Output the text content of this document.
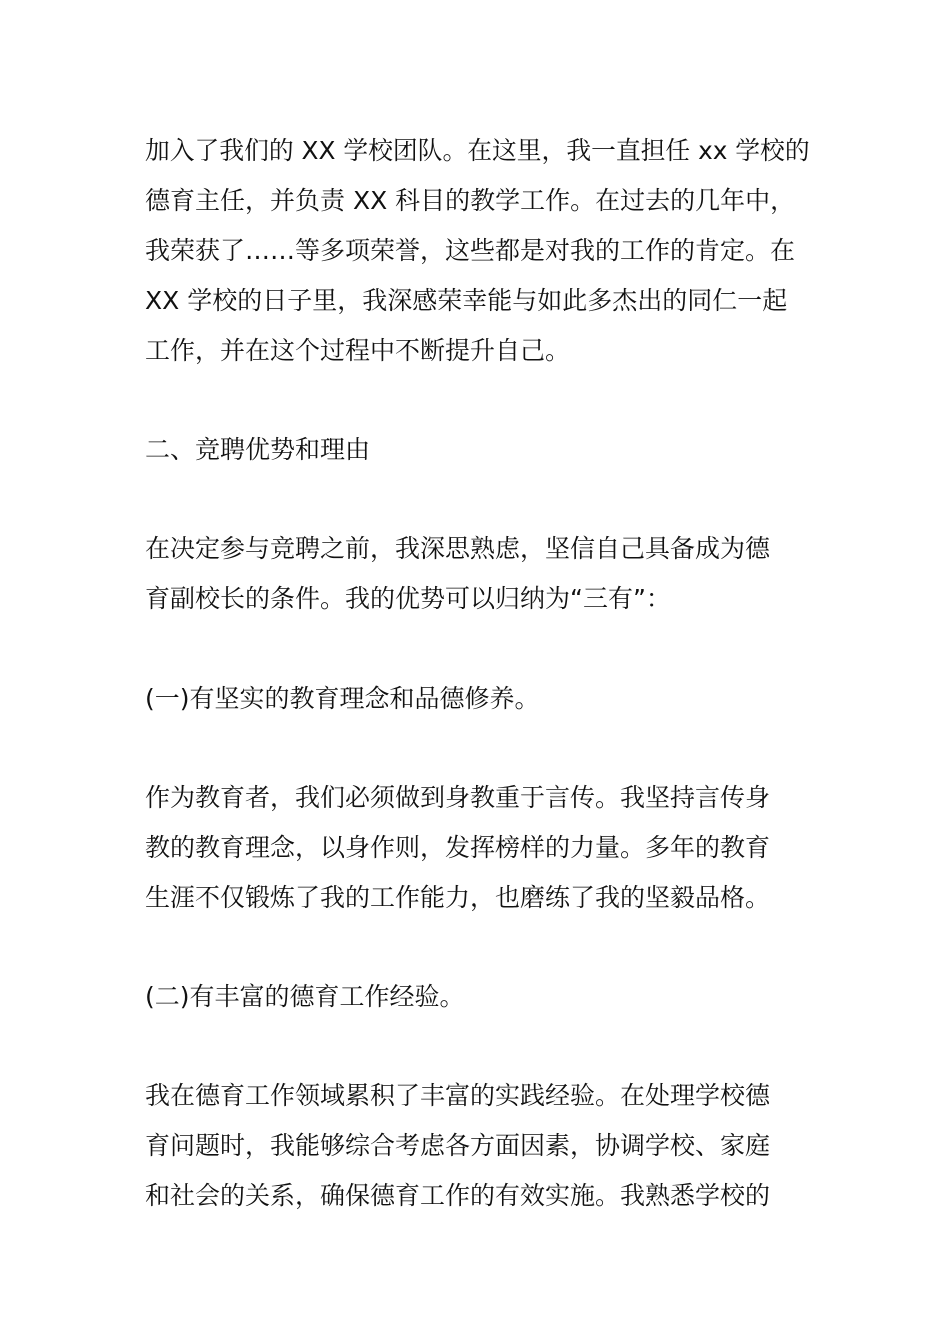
加入了我们的 XX 学校团队。在这里，我一直担任 xx 学校的
德育主任，并负责 XX 科目的教学工作。在过去的几年中，
我荣获了……等多项荣誉，这些都是对我的工作的肯定。在
XX 学校的日子里，我深感荣幸能与如此多杰出的同仁一起
工作，并在这个过程中不断提升自己。
二、竞聘优势和理由
在决定参与竞聘之前，我深思熟虑，坚信自己具备成为德
育副校长的条件。我的优势可以归纳为“三有”：
(一)有坚实的教育理念和品德修养。
作为教育者，我们必须做到身教重于言传。我坚持言传身
教的教育理念，以身作则，发挥榜样的力量。多年的教育
生涯不仅锻炼了我的工作能力，也磨练了我的坚毅品格。
(二)有丰富的德育工作经验。
我在德育工作领域累积了丰富的实践经验。在处理学校德
育问题时，我能够综合考虑各方面因素，协调学校、家庭
和社会的关系，确保德育工作的有效实施。我熟悉学校的
